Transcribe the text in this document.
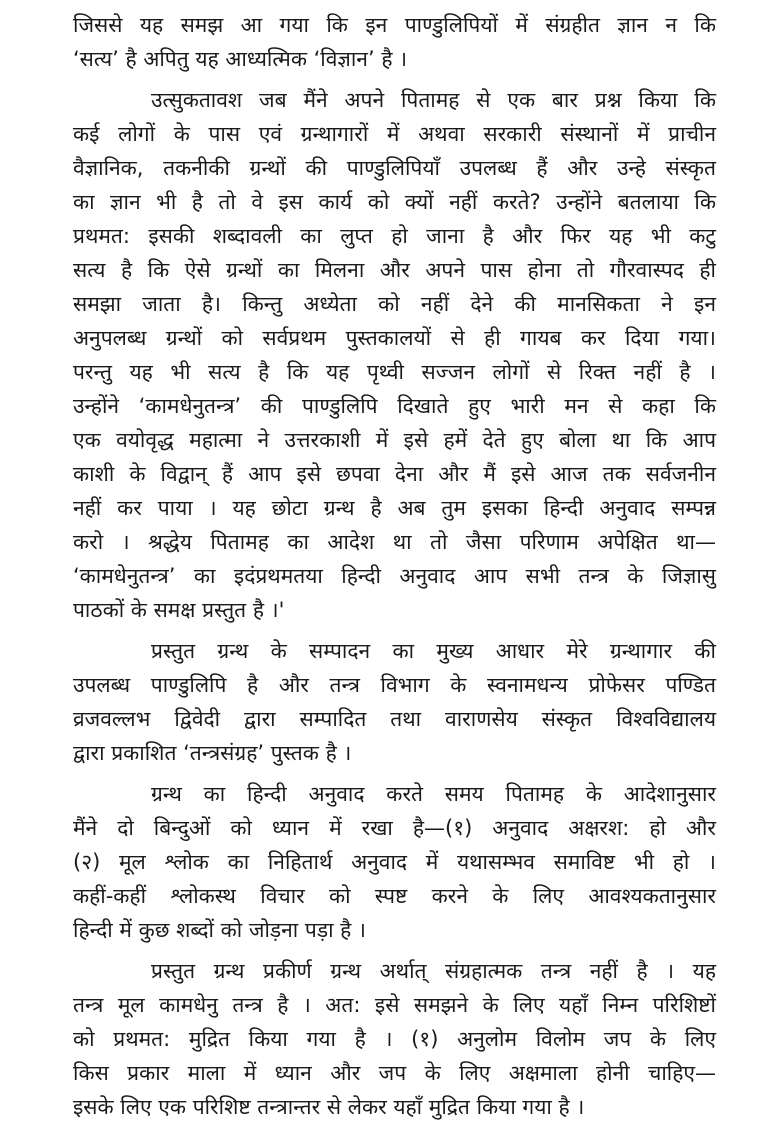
जिससे यह समझ आ गया कि इन पाण्डुलिपियों में संग्रहीत ज्ञान न कि
‘सत्य’ है अपितु यह आध्यत्मिक ‘विज्ञान’ है ।
उत्सुकतावश जब मैंने अपने पितामह से एक बार प्रश्न किया कि
कई लोगों के पास एवं ग्रन्थागारों में अथवा सरकारी संस्थानों में प्राचीन
वैज्ञानिक, तकनीकी ग्रन्थों की पाण्डुलिपियाँ उपलब्ध हैं और उन्हे संस्कृत
का ज्ञान भी है तो वे इस कार्य को क्यों नहीं करते? उन्होंने बतलाया कि
प्रथमत: इसकी शब्दावली का लुप्त हो जाना है और फिर यह भी कटु
सत्य है कि ऐसे ग्रन्थों का मिलना और अपने पास होना तो गौरवास्पद ही
समझा जाता है। किन्तु अध्येता को नहीं देने की मानसिकता ने इन
अनुपलब्ध ग्रन्थों को सर्वप्रथम पुस्तकालयों से ही गायब कर दिया गया।
परन्तु यह भी सत्य है कि यह पृथ्वी सज्जन लोगों से रिक्त नहीं है ।
उन्होंने ‘कामधेनुतन्त्र’ की पाण्डुलिपि दिखाते हुए भारी मन से कहा कि
एक वयोवृद्ध महात्मा ने उत्तरकाशी में इसे हमें देते हुए बोला था कि आप
काशी के विद्वान् हैं आप इसे छपवा देना और मैं इसे आज तक सर्वजनीन
नहीं कर पाया । यह छोटा ग्रन्थ है अब तुम इसका हिन्दी अनुवाद सम्पन्न
करो । श्रद्धेय पितामह का आदेश था तो जैसा परिणाम अपेक्षित था—
‘कामधेनुतन्त्र’ का इदंप्रथमतया हिन्दी अनुवाद आप सभी तन्त्र के जिज्ञासु
पाठकों के समक्ष प्रस्तुत है ।'
प्रस्तुत ग्रन्थ के सम्पादन का मुख्य आधार मेरे ग्रन्थागार की
उपलब्ध पाण्डुलिपि है और तन्त्र विभाग के स्वनामधन्य प्रोफेसर पण्डित
व्रजवल्लभ द्विवेदी द्वारा सम्पादित तथा वाराणसेय संस्कृत विश्वविद्यालय
द्वारा प्रकाशित ‘तन्त्रसंग्रह’ पुस्तक है ।
ग्रन्थ का हिन्दी अनुवाद करते समय पितामह के आदेशानुसार
मैंने दो बिन्दुओं को ध्यान में रखा है—(१) अनुवाद अक्षरश: हो और
(२) मूल श्लोक का निहितार्थ अनुवाद में यथासम्भव समाविष्ट भी हो ।
कहीं-कहीं श्लोकस्थ विचार को स्पष्ट करने के लिए आवश्यकतानुसार
हिन्दी में कुछ शब्दों को जोड़ना पड़ा है ।
प्रस्तुत ग्रन्थ प्रकीर्ण ग्रन्थ अर्थात् संग्रहात्मक तन्त्र नहीं है । यह
तन्त्र मूल कामधेनु तन्त्र है । अत: इसे समझने के लिए यहाँ निम्न परिशिष्टों
को प्रथमत: मुद्रित किया गया है । (१) अनुलोम विलोम जप के लिए
किस प्रकार माला में ध्यान और जप के लिए अक्षमाला होनी चाहिए—
इसके लिए एक परिशिष्ट तन्त्रान्तर से लेकर यहाँ मुद्रित किया गया है ।
